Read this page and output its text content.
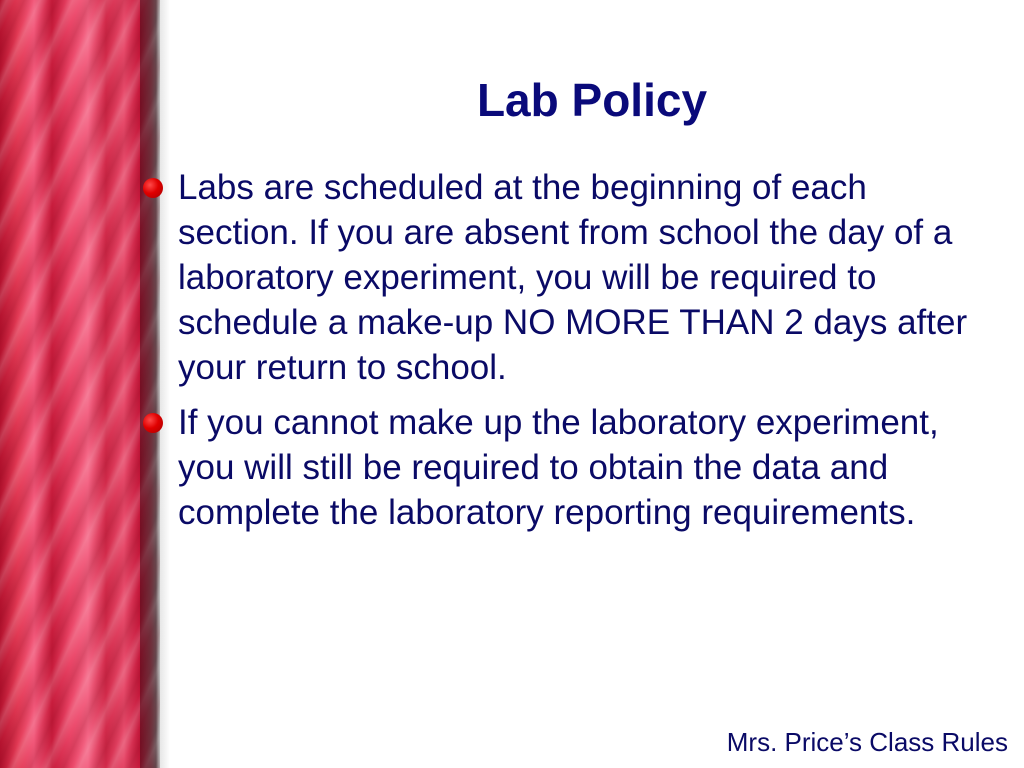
Lab Policy
Labs are scheduled at the beginning of each section. If you are absent from school the day of a laboratory experiment, you will be required to schedule a make-up NO MORE THAN 2 days after your return to school.
If you cannot make up the laboratory experiment, you will still be required to obtain the data and complete the laboratory reporting requirements.
Mrs. Price’s Class Rules
